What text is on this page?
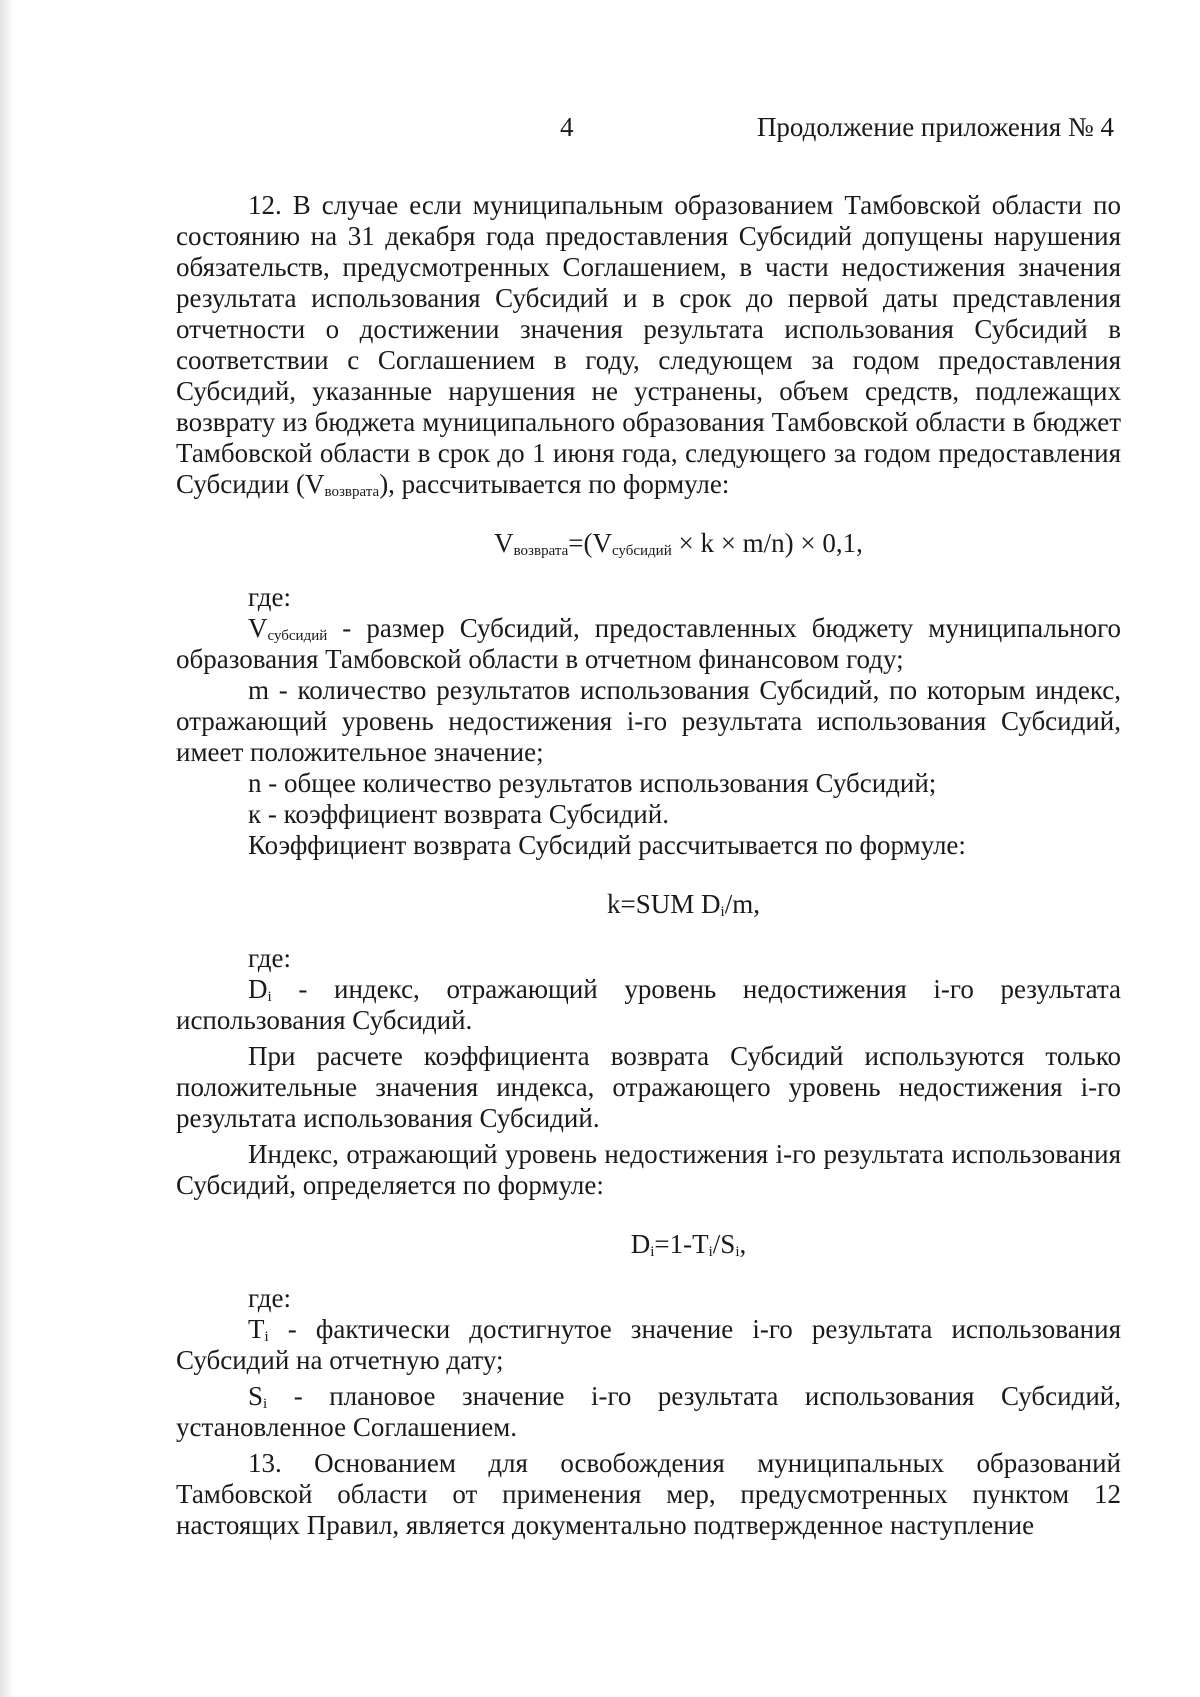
4	Продолжение приложения № 4

12. В случае если муниципальным образованием Тамбовской области по состоянию на 31 декабря года предоставления Субсидий допущены нарушения обязательств, предусмотренных Соглашением, в части недостижения значения результата использования Субсидий и в срок до первой даты представления отчетности о достижении значения результата использования Субсидий в соответствии с Соглашением в году, следующем за годом предоставления Субсидий, указанные нарушения не устранены, объем средств, подлежащих возврату из бюджета муниципального образования Тамбовской области в бюджет Тамбовской области в срок до 1 июня года, следующего за годом предоставления Субсидии $(V_{возврата})$, рассчитывается по формуле:

$V_{возврата}=(V_{субсидий} \times k \times m/n) \times 0,1$,

где:

$V_{субсидий}$ - размер Субсидий, предоставленных бюджету муниципального образования Тамбовской области в отчетном финансовом году;

m - количество результатов использования Субсидий, по которым индекс, отражающий уровень недостижения i-го результата использования Субсидий, имеет положительное значение;

n - общее количество результатов использования Субсидий;

к - коэффициент возврата Субсидий.

Коэффициент возврата Субсидий рассчитывается по формуле:

k=SUM $D_i/m$,

где:

$D_i$ - индекс, отражающий уровень недостижения i-го результата использования Субсидий.

При расчете коэффициента возврата Субсидий используются только положительные значения индекса, отражающего уровень недостижения i-го результата использования Субсидий.

Индекс, отражающий уровень недостижения i-го результата использования Субсидий, определяется по формуле:

$D_i=1-T_i/S_i$,

где:

$T_i$ - фактически достигнутое значение i-го результата использования Субсидий на отчетную дату;

$S_i$ - плановое значение i-го результата использования Субсидий, установленное Соглашением.

13. Основанием для освобождения муниципальных образований Тамбовской области от применения мер, предусмотренных пунктом 12 настоящих Правил, является документально подтвержденное наступление
